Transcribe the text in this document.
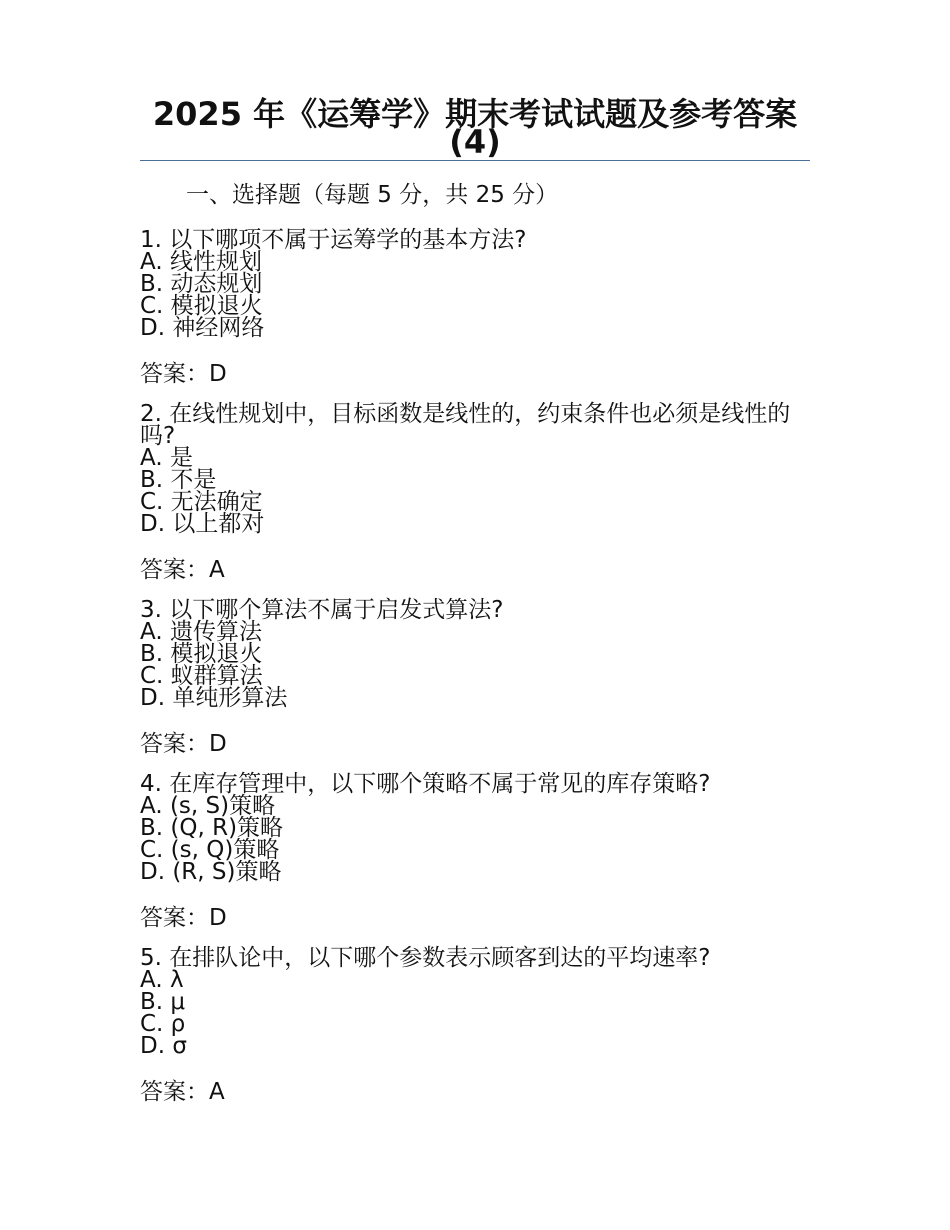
2025 年《运筹学》期末考试试题及参考答案(4)
一、选择题（每题 5 分，共 25 分）
1. 以下哪项不属于运筹学的基本方法?
A. 线性规划
B. 动态规划
C. 模拟退火
D. 神经网络
答案：D
2. 在线性规划中，目标函数是线性的，约束条件也必须是线性的吗?
A. 是
B. 不是
C. 无法确定
D. 以上都对
答案：A
3. 以下哪个算法不属于启发式算法?
A. 遗传算法
B. 模拟退火
C. 蚁群算法
D. 单纯形算法
答案：D
4. 在库存管理中，以下哪个策略不属于常见的库存策略?
A. (s, S)策略
B. (Q, R)策略
C. (s, Q)策略
D. (R, S)策略
答案：D
5. 在排队论中，以下哪个参数表示顾客到达的平均速率?
A. λ
B. μ
C. ρ
D. σ
答案：A
